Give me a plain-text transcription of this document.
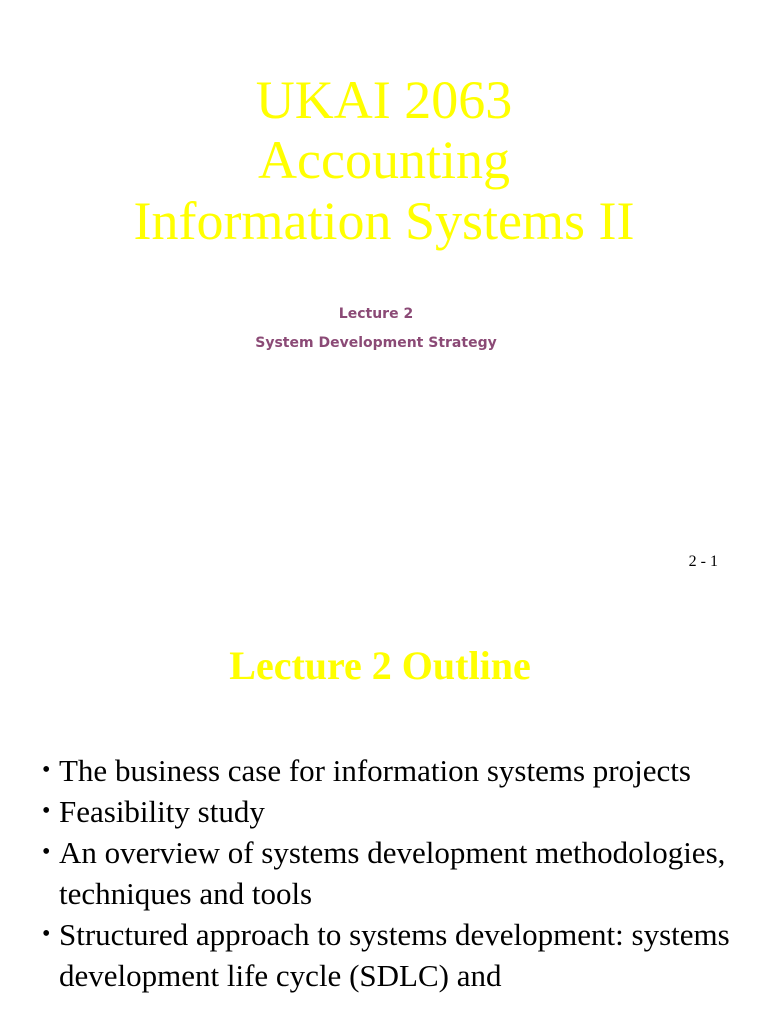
UKAI 2063
Accounting
Information Systems II
Lecture 2
System Development Strategy
2 - 1
Lecture 2 Outline
• The business case for information systems projects
• Feasibility study
• An overview of systems development methodologies, techniques and tools
• Structured approach to systems development: systems development life cycle (SDLC) and
